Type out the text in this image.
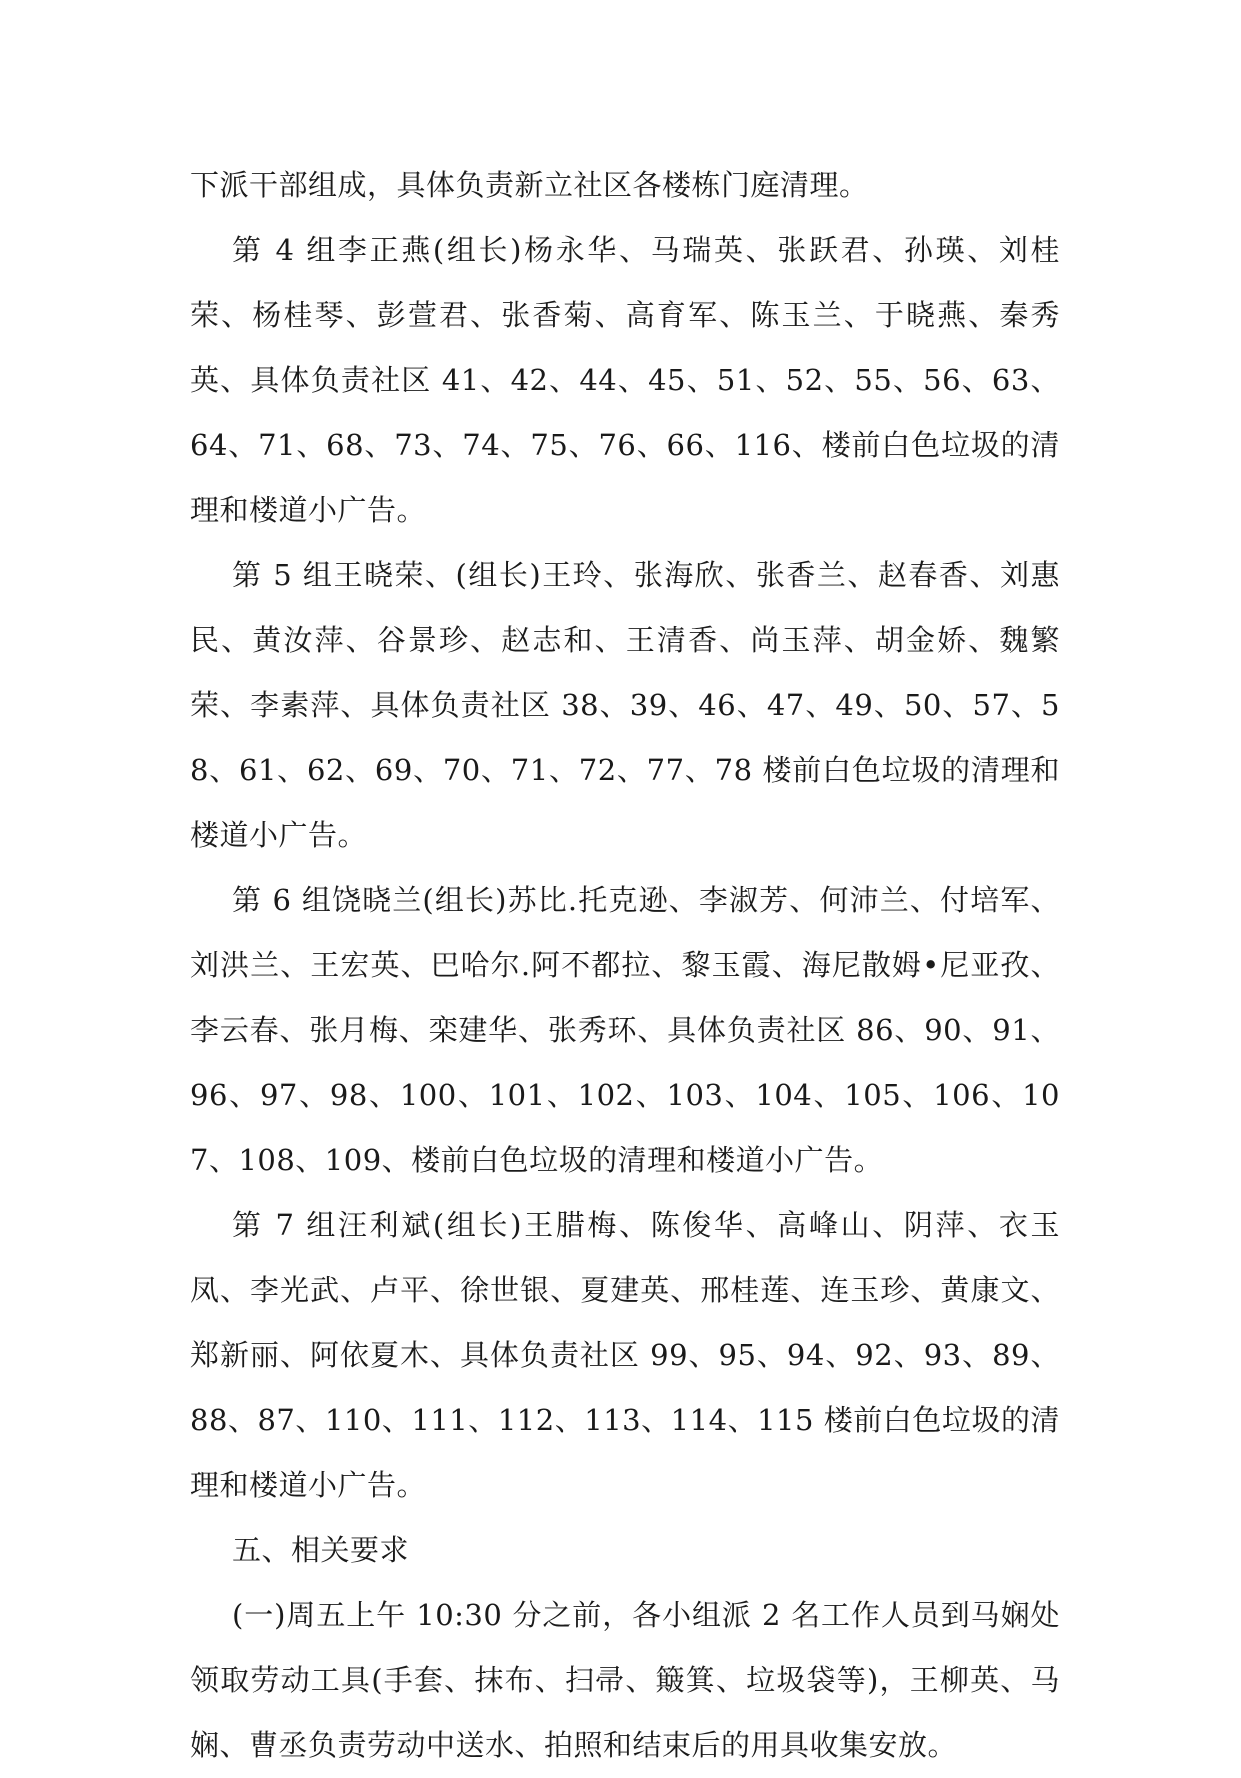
下派干部组成，具体负责新立社区各楼栋门庭清理。

第 4 组李正燕(组长)杨永华、马瑞英、张跃君、孙瑛、刘桂荣、杨桂琴、彭萱君、张香菊、高育军、陈玉兰、于晓燕、秦秀英、具体负责社区 41、42、44、45、51、52、55、56、63、64、71、68、73、74、75、76、66、116、楼前白色垃圾的清理和楼道小广告。

第 5 组王晓荣、(组长)王玲、张海欣、张香兰、赵春香、刘惠民、黄汝萍、谷景珍、赵志和、王清香、尚玉萍、胡金娇、魏繁荣、李素萍、具体负责社区 38、39、46、47、49、50、57、58、61、62、69、70、71、72、77、78 楼前白色垃圾的清理和楼道小广告。

第 6 组饶晓兰(组长)苏比.托克逊、李淑芳、何沛兰、付培军、刘洪兰、王宏英、巴哈尔.阿不都拉、黎玉霞、海尼散姆•尼亚孜、李云春、张月梅、栾建华、张秀环、具体负责社区 86、90、91、96、97、98、100、101、102、103、104、105、106、107、108、109、楼前白色垃圾的清理和楼道小广告。

第 7 组汪利斌(组长)王腊梅、陈俊华、高峰山、阴萍、衣玉凤、李光武、卢平、徐世银、夏建英、邢桂莲、连玉珍、黄康文、郑新丽、阿依夏木、具体负责社区 99、95、94、92、93、89、88、87、110、111、112、113、114、115 楼前白色垃圾的清理和楼道小广告。

五、相关要求

(一)周五上午 10:30 分之前，各小组派 2 名工作人员到马娴处领取劳动工具(手套、抹布、扫帚、簸箕、垃圾袋等)，王柳英、马娴、曹丞负责劳动中送水、拍照和结束后的用具收集安放。
